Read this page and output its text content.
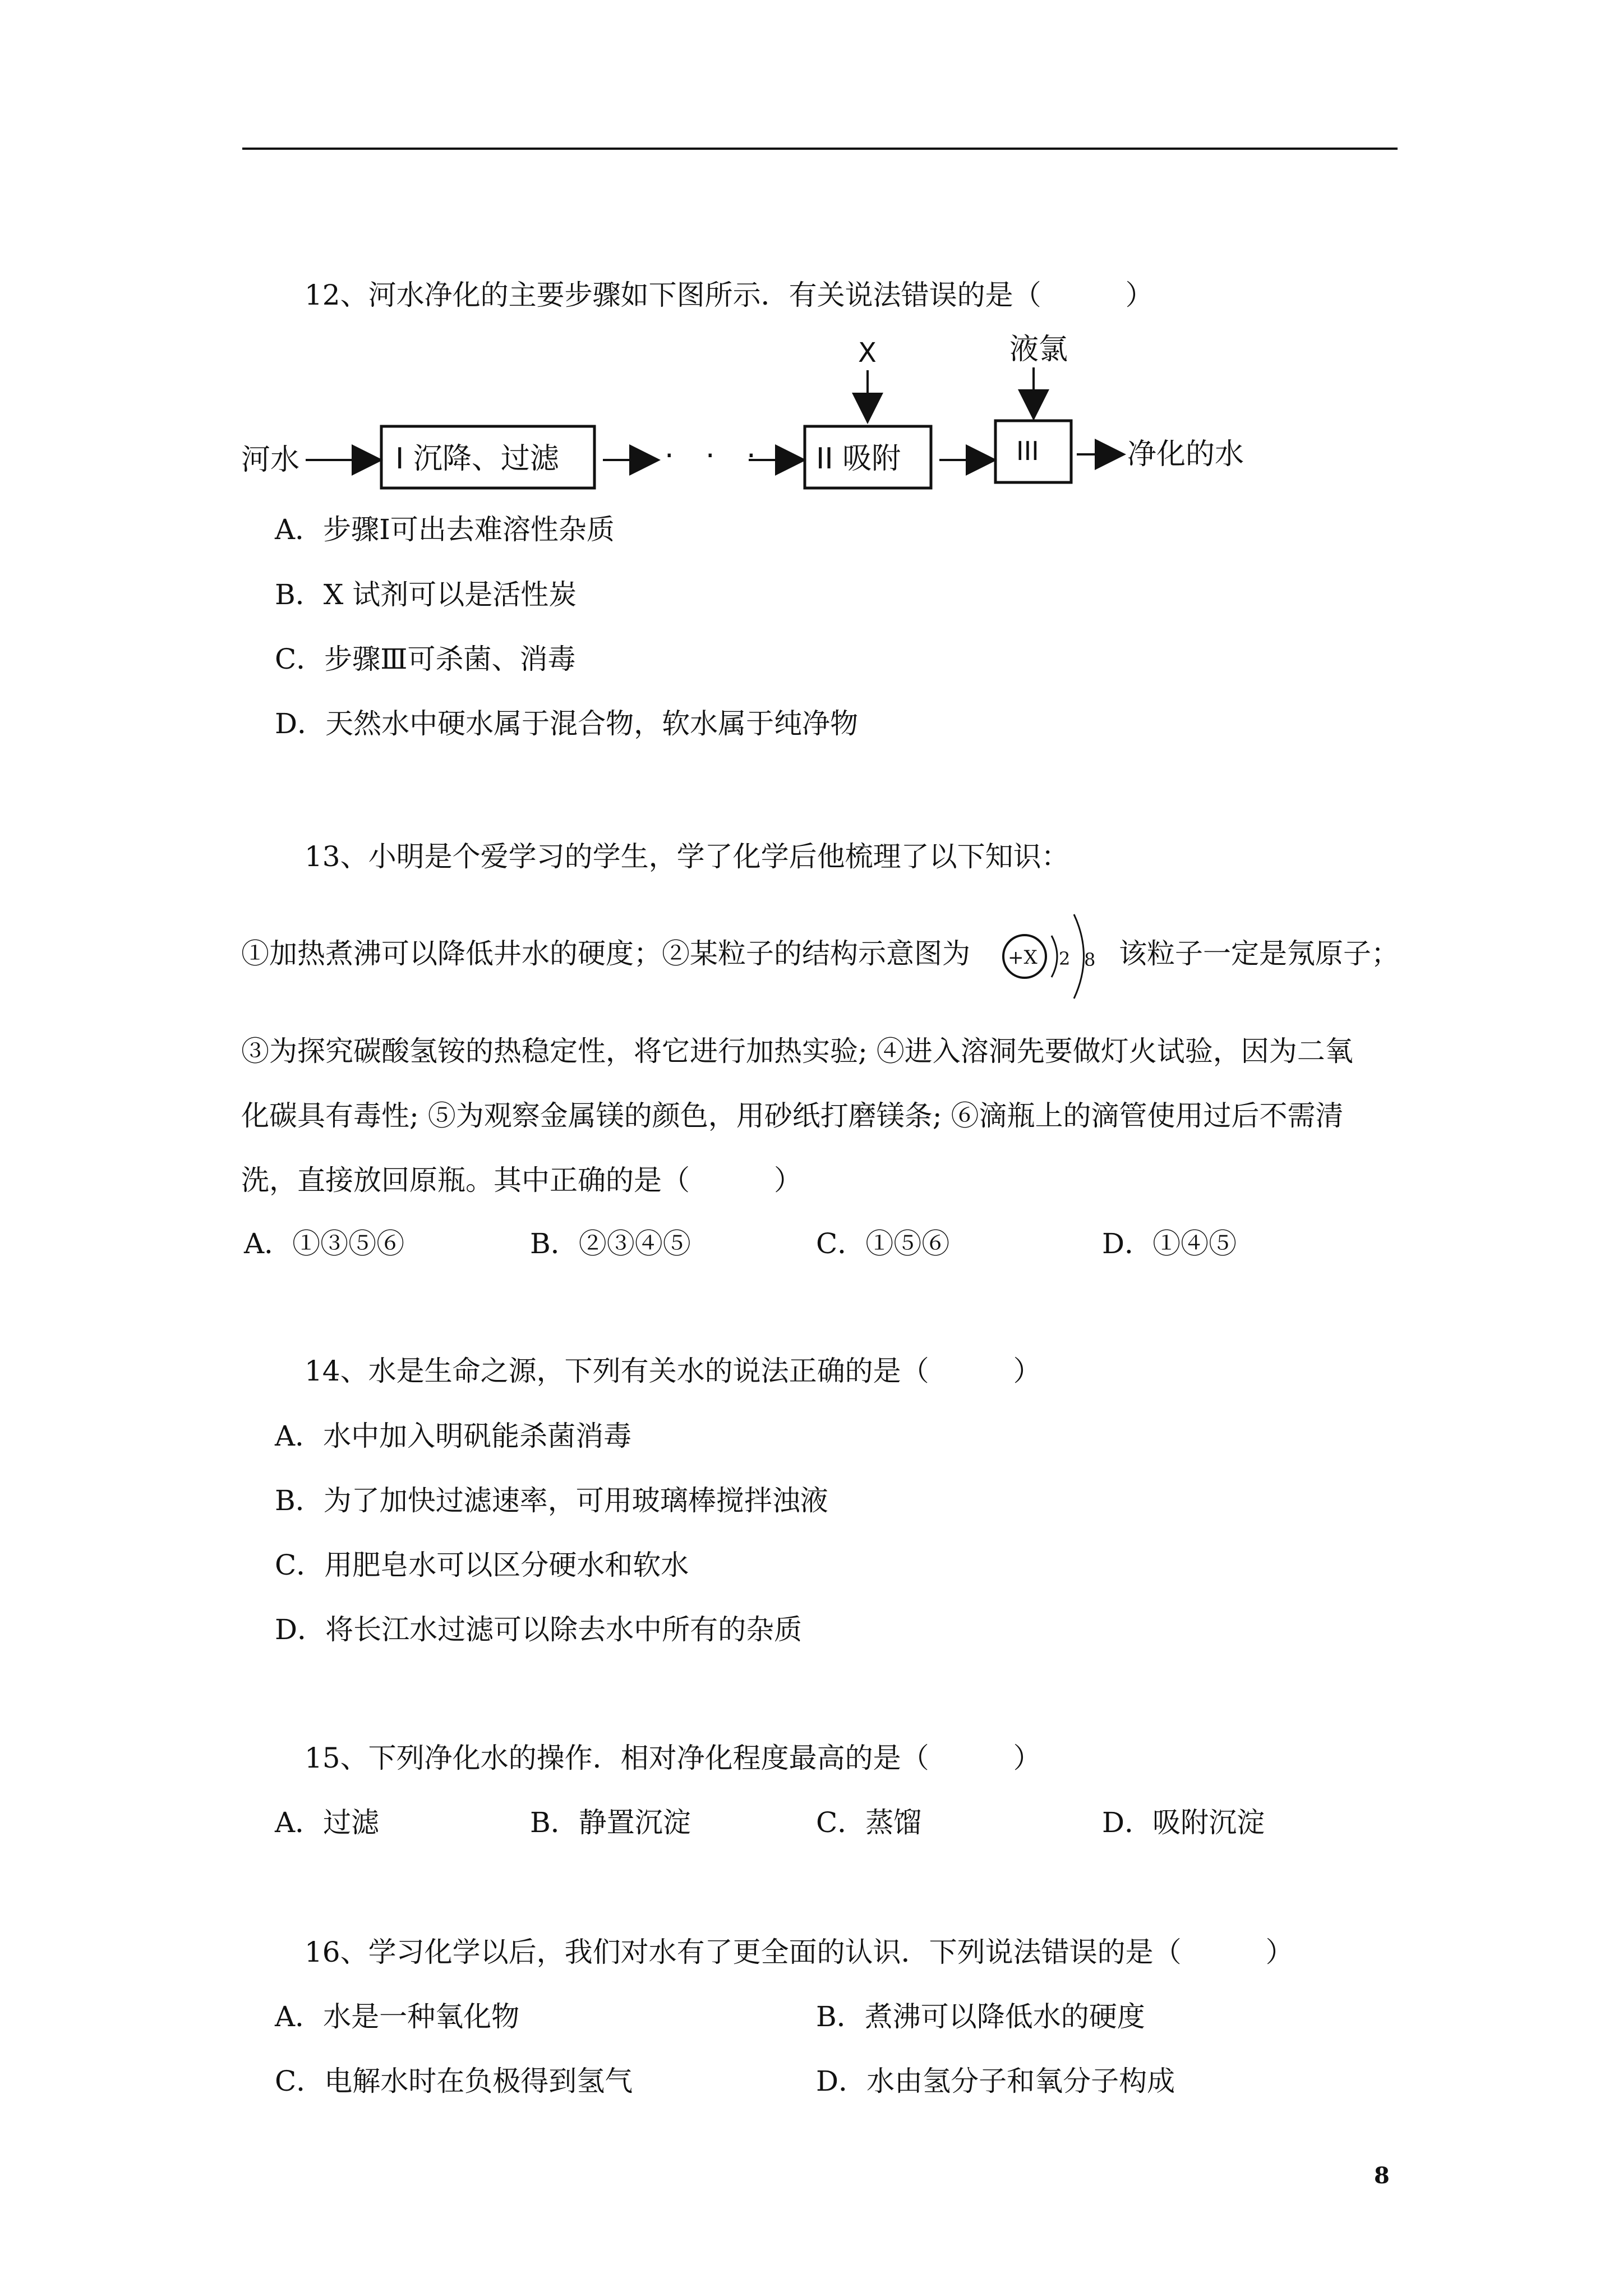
12、河水净化的主要步骤如下图所示．有关说法错误的是（　　　）
河水	I 沉降、过滤	· · · II 吸附	III	净化的水
X	液氯
A．步骤Ⅰ可出去难溶性杂质
B．X 试剂可以是活性炭
C．步骤Ⅲ可杀菌、消毒
D．天然水中硬水属于混合物，软水属于纯净物
13、小明是个爱学习的学生，学了化学后他梳理了以下知识：
①加热煮沸可以降低井水的硬度；②某粒子的结构示意图为 +X 2 8 该粒子一定是氖原子；
③为探究碳酸氢铵的热稳定性，将它进行加热实验; ④进入溶洞先要做灯火试验，因为二氧
化碳具有毒性; ⑤为观察金属镁的颜色，用砂纸打磨镁条; ⑥滴瓶上的滴管使用过后不需清
洗，直接放回原瓶。其中正确的是（　　　）
A．①③⑤⑥	B．②③④⑤	C．①⑤⑥	D．①④⑤
14、水是生命之源，下列有关水的说法正确的是（　　　）
A．水中加入明矾能杀菌消毒
B．为了加快过滤速率，可用玻璃棒搅拌浊液
C．用肥皂水可以区分硬水和软水
D．将长江水过滤可以除去水中所有的杂质
15、下列净化水的操作．相对净化程度最高的是（　　　）
A．过滤	B．静置沉淀	C．蒸馏	D．吸附沉淀
16、学习化学以后，我们对水有了更全面的认识．下列说法错误的是（　　　）
A．水是一种氧化物	B．煮沸可以降低水的硬度
C．电解水时在负极得到氢气	D．水由氢分子和氧分子构成
8
